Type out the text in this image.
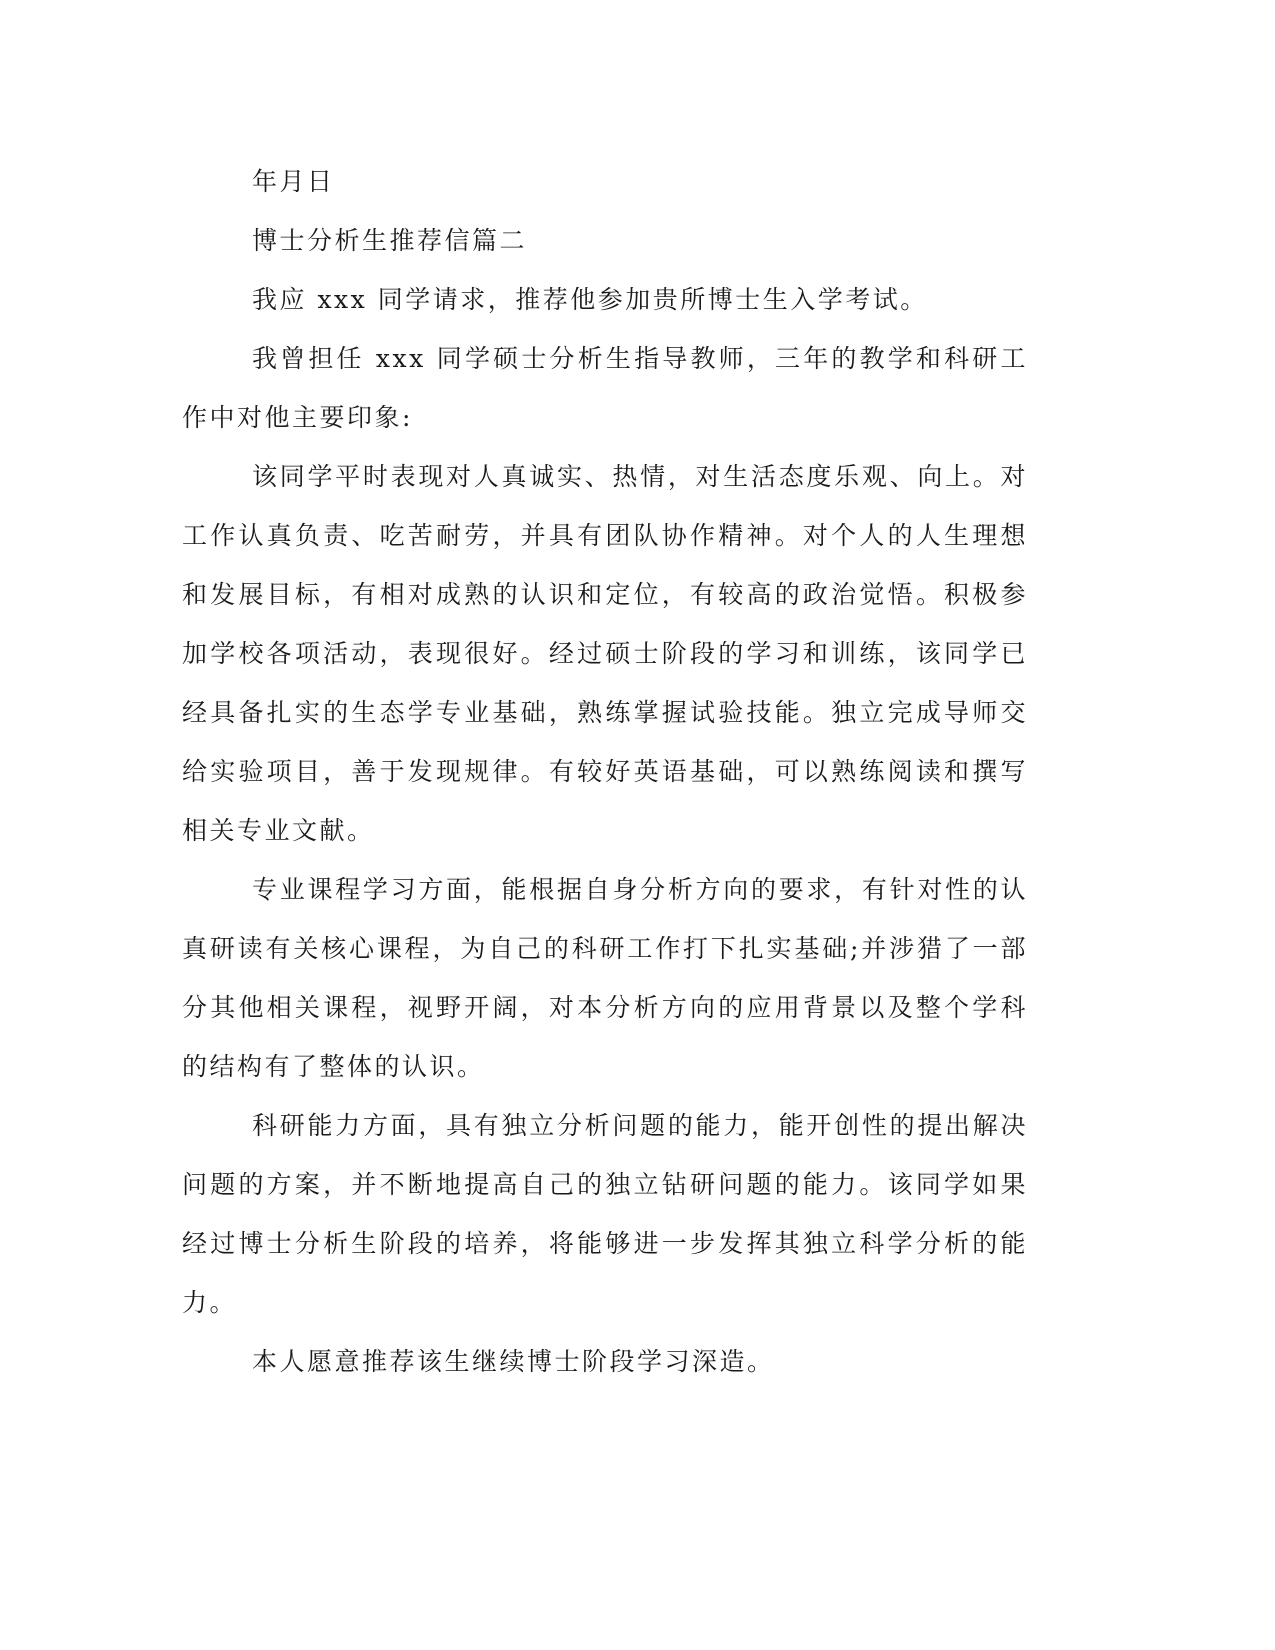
年月日

博士分析生推荐信篇二

我应 xxx 同学请求，推荐他参加贵所博士生入学考试。

我曾担任 xxx 同学硕士分析生指导教师，三年的教学和科研工作中对他主要印象:

该同学平时表现对人真诚实、热情，对生活态度乐观、向上。对工作认真负责、吃苦耐劳，并具有团队协作精神。对个人的人生理想和发展目标，有相对成熟的认识和定位，有较高的政治觉悟。积极参加学校各项活动，表现很好。经过硕士阶段的学习和训练，该同学已经具备扎实的生态学专业基础，熟练掌握试验技能。独立完成导师交给实验项目，善于发现规律。有较好英语基础，可以熟练阅读和撰写相关专业文献。

专业课程学习方面，能根据自身分析方向的要求，有针对性的认真研读有关核心课程，为自己的科研工作打下扎实基础;并涉猎了一部分其他相关课程，视野开阔，对本分析方向的应用背景以及整个学科的结构有了整体的认识。

科研能力方面，具有独立分析问题的能力，能开创性的提出解决问题的方案，并不断地提高自己的独立钻研问题的能力。该同学如果经过博士分析生阶段的培养，将能够进一步发挥其独立科学分析的能力。

本人愿意推荐该生继续博士阶段学习深造。
